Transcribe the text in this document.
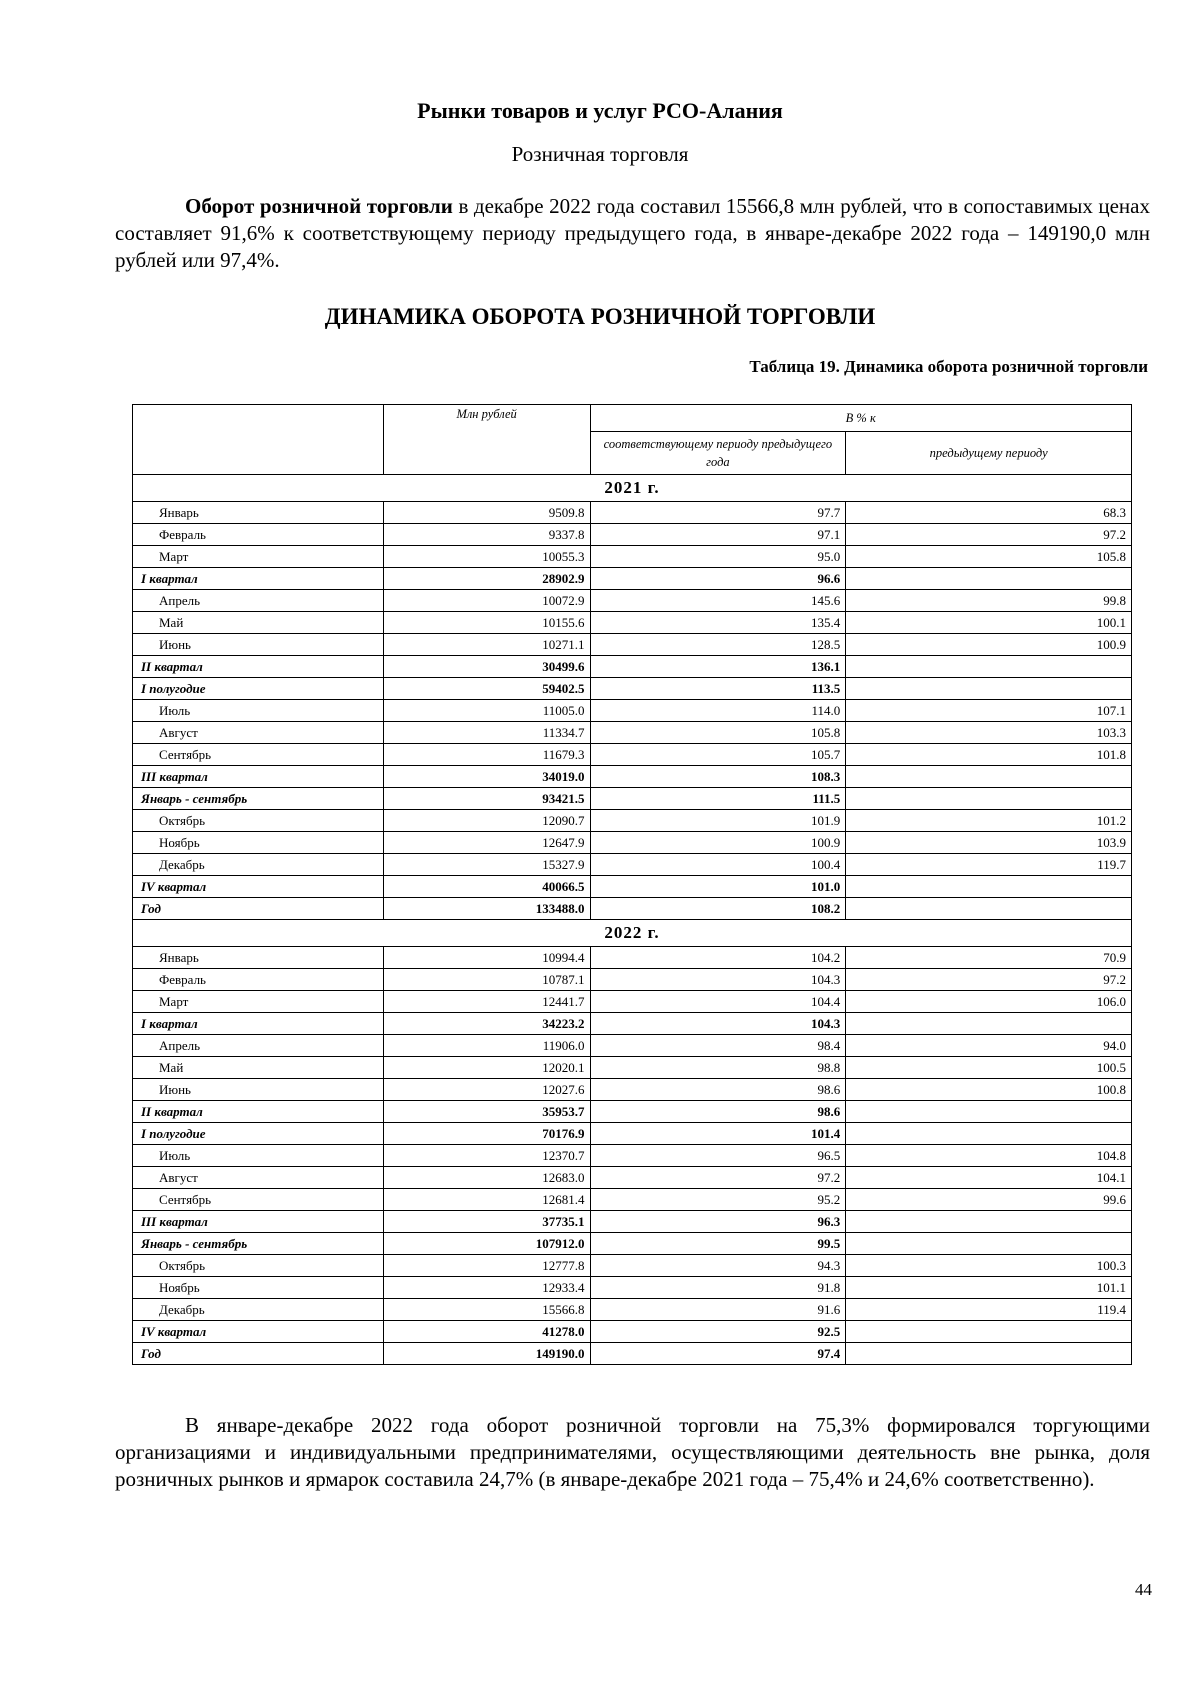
Рынки товаров и услуг РСО-Алания
Розничная торговля

Оборот розничной торговли в декабре 2022 года составил 15566,8 млн рублей, что в сопоставимых ценах составляет 91,6% к соответствующему периоду предыдущего года, в январе-декабре 2022 года – 149190,0 млн рублей или 97,4%.

ДИНАМИКА ОБОРОТА РОЗНИЧНОЙ ТОРГОВЛИ
Таблица 19. Динамика оборота розничной торговли
	Млн рублей	В % к	
		соответствующему периоду предыдущего года	предыдущему периоду
2021 г.			
Январь	9509.8	97.7	68.3
Февраль	9337.8	97.1	97.2
Март	10055.3	95.0	105.8
I квартал	28902.9	96.6	
Апрель	10072.9	145.6	99.8
Май	10155.6	135.4	100.1
Июнь	10271.1	128.5	100.9
II квартал	30499.6	136.1	
I полугодие	59402.5	113.5	
Июль	11005.0	114.0	107.1
Август	11334.7	105.8	103.3
Сентябрь	11679.3	105.7	101.8
III квартал	34019.0	108.3	
Январь - сентябрь	93421.5	111.5	
Октябрь	12090.7	101.9	101.2
Ноябрь	12647.9	100.9	103.9
Декабрь	15327.9	100.4	119.7
IV квартал	40066.5	101.0	
Год	133488.0	108.2	
2022 г.			
Январь	10994.4	104.2	70.9
Февраль	10787.1	104.3	97.2
Март	12441.7	104.4	106.0
I квартал	34223.2	104.3	
Апрель	11906.0	98.4	94.0
Май	12020.1	98.8	100.5
Июнь	12027.6	98.6	100.8
II квартал	35953.7	98.6	
I полугодие	70176.9	101.4	
Июль	12370.7	96.5	104.8
Август	12683.0	97.2	104.1
Сентябрь	12681.4	95.2	99.6
III квартал	37735.1	96.3	
Январь - сентябрь	107912.0	99.5	
Октябрь	12777.8	94.3	100.3
Ноябрь	12933.4	91.8	101.1
Декабрь	15566.8	91.6	119.4
IV квартал	41278.0	92.5	
Год	149190.0	97.4	

В январе-декабре 2022 года оборот розничной торговли на 75,3% формировался торгующими организациями и индивидуальными предпринимателями, осуществляющими деятельность вне рынка, доля розничных рынков и ярмарок составила 24,7% (в январе-декабре 2021 года – 75,4% и 24,6% соответственно).

44
